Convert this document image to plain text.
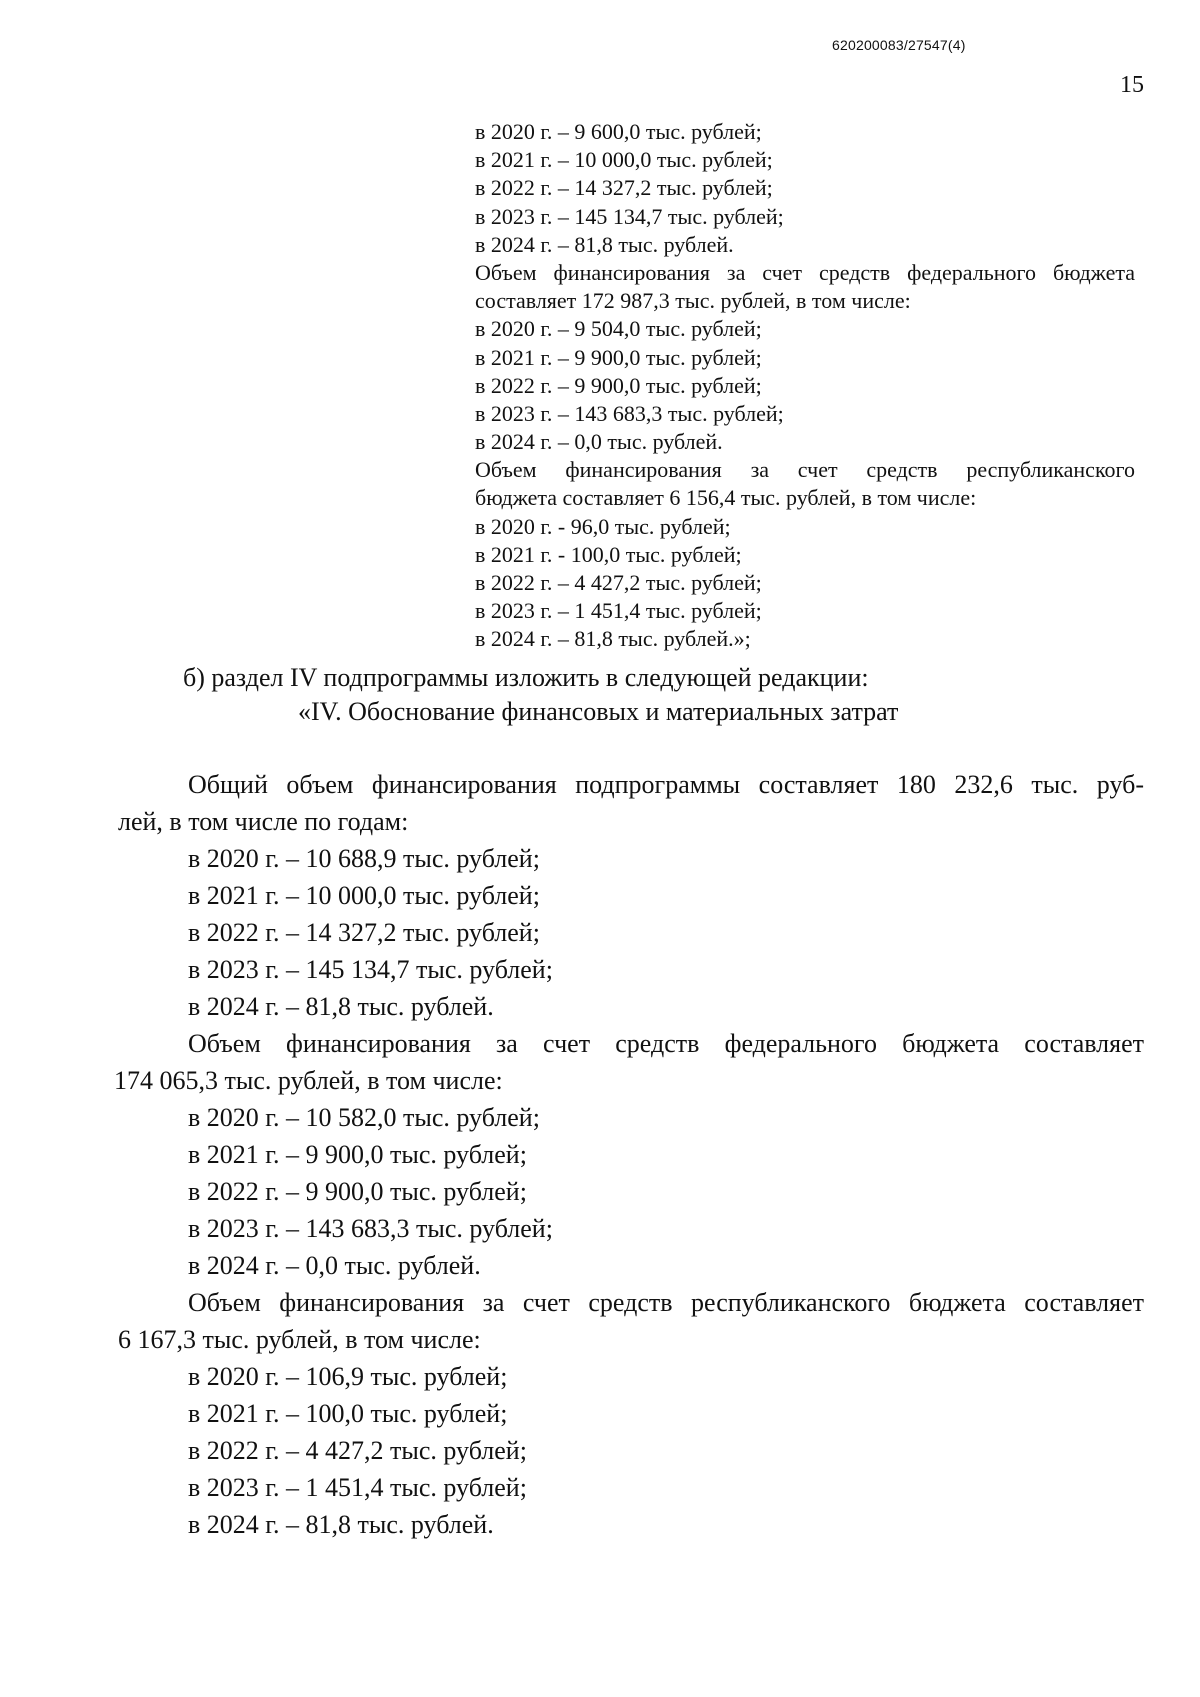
620200083/27547(4)
15
в 2020 г. – 9 600,0 тыс. рублей;
в 2021 г. – 10 000,0 тыс. рублей;
в 2022 г. – 14 327,2 тыс. рублей;
в 2023 г. – 145 134,7 тыс. рублей;
в 2024 г. – 81,8 тыс. рублей.
Объем финансирования за счет средств федерального бюджета
составляет 172 987,3 тыс. рублей, в том числе:
в 2020 г. – 9 504,0 тыс. рублей;
в 2021 г. – 9 900,0 тыс. рублей;
в 2022 г. – 9 900,0 тыс. рублей;
в 2023 г. – 143 683,3 тыс. рублей;
в 2024 г. – 0,0 тыс. рублей.
Объем финансирования за счет средств республиканского
бюджета составляет 6 156,4 тыс. рублей, в том числе:
в 2020 г. - 96,0 тыс. рублей;
в 2021 г. - 100,0 тыс. рублей;
в 2022 г. – 4 427,2 тыс. рублей;
в 2023 г. – 1 451,4 тыс. рублей;
в 2024 г. – 81,8 тыс. рублей.»;
б) раздел IV подпрограммы изложить в следующей редакции:
«IV. Обоснование финансовых и материальных затрат
Общий объем финансирования подпрограммы составляет 180 232,6 тыс. руб-
лей, в том числе по годам:
в 2020 г. – 10 688,9 тыс. рублей;
в 2021 г. – 10 000,0 тыс. рублей;
в 2022 г. – 14 327,2 тыс. рублей;
в 2023 г. – 145 134,7 тыс. рублей;
в 2024 г. – 81,8 тыс. рублей.
Объем финансирования за счет средств федерального бюджета составляет
174 065,3 тыс. рублей, в том числе:
в 2020 г. – 10 582,0 тыс. рублей;
в 2021 г. – 9 900,0 тыс. рублей;
в 2022 г. – 9 900,0 тыс. рублей;
в 2023 г. – 143 683,3 тыс. рублей;
в 2024 г. – 0,0 тыс. рублей.
Объем финансирования за счет средств республиканского бюджета составляет
6 167,3 тыс. рублей, в том числе:
в 2020 г. – 106,9 тыс. рублей;
в 2021 г. – 100,0 тыс. рублей;
в 2022 г. – 4 427,2 тыс. рублей;
в 2023 г. – 1 451,4 тыс. рублей;
в 2024 г. – 81,8 тыс. рублей.
